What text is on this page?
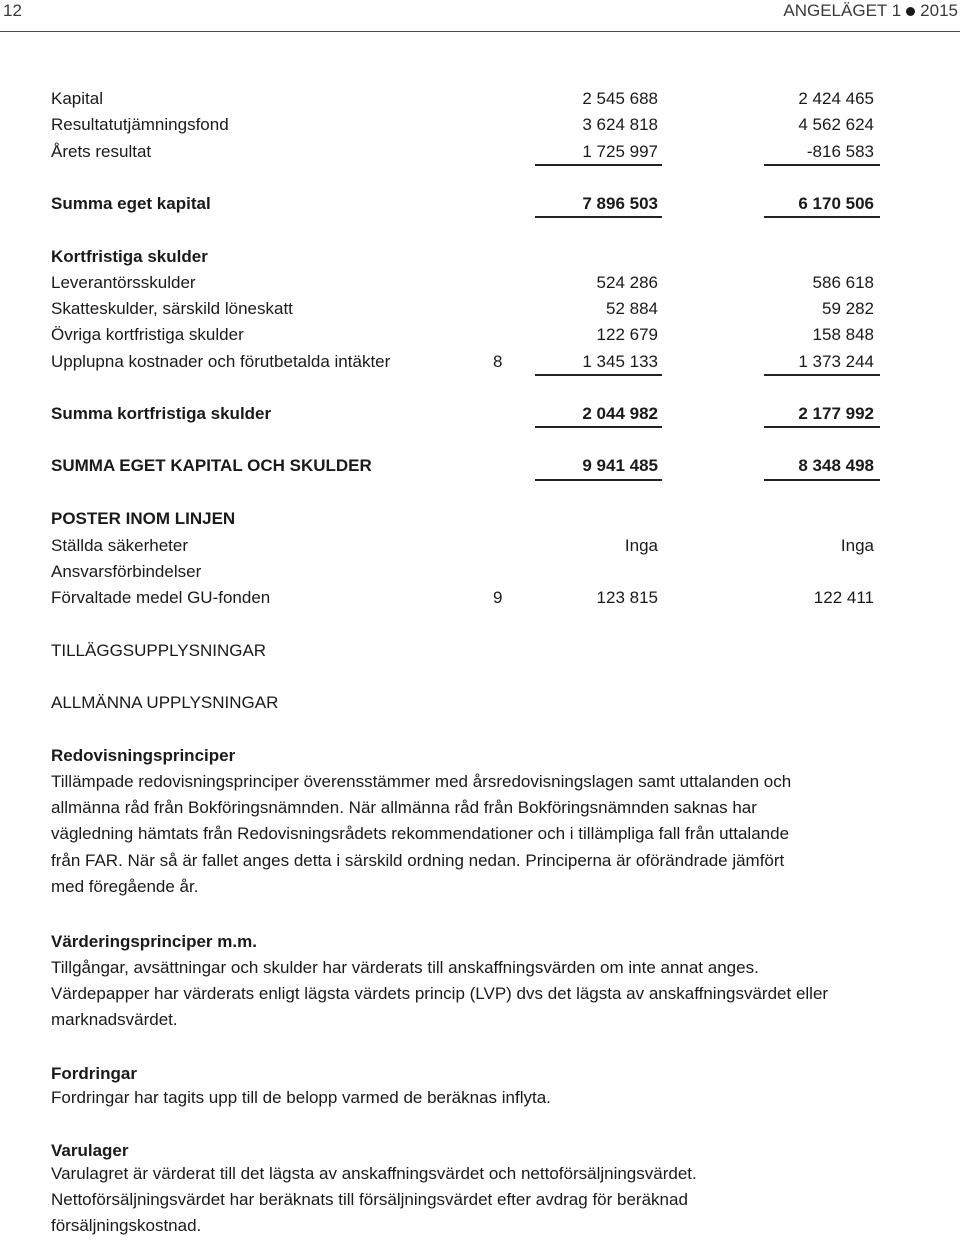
12	ANGELÄGET 1 2015
Kapital	2 545 688	2 424 465
Resultatutjämningsfond	3 624 818	4 562 624
Årets resultat	1 725 997	-816 583
Summa eget kapital	7 896 503	6 170 506
Kortfristiga skulder
Leverantörsskulder	524 286	586 618
Skatteskulder, särskild löneskatt	52 884	59 282
Övriga kortfristiga skulder	122 679	158 848
Upplupna kostnader och förutbetalda intäkter	8	1 345 133	1 373 244
Summa kortfristiga skulder	2 044 982	2 177 992
SUMMA EGET KAPITAL OCH SKULDER	9 941 485	8 348 498
POSTER INOM LINJEN
Ställda säkerheter	Inga	Inga
Ansvarsförbindelser
Förvaltade medel GU-fonden	9	123 815	122 411
TILLÄGGSUPPLYSNINGAR
ALLMÄNNA UPPLYSNINGAR
Redovisningsprinciper
Tillämpade redovisningsprinciper överensstämmer med årsredovisningslagen samt uttalanden och
allmänna råd från Bokföringsnämnden. När allmänna råd från Bokföringsnämnden saknas har
vägledning hämtats från Redovisningsrådets rekommendationer och i tillämpliga fall från uttalande
från FAR. När så är fallet anges detta i särskild ordning nedan. Principerna är oförändrade jämfört
med föregående år.
Värderingsprinciper m.m.
Tillgångar, avsättningar och skulder har värderats till anskaffningsvärden om inte annat anges.
Värdepapper har värderats enligt lägsta värdets princip (LVP) dvs det lägsta av anskaffningsvärdet eller
marknadsvärdet.
Fordringar
Fordringar har tagits upp till de belopp varmed de beräknas inflyta.
Varulager
Varulagret är värderat till det lägsta av anskaffningsvärdet och nettoförsäljningsvärdet.
Nettoförsäljningsvärdet har beräknats till försäljningsvärdet efter avdrag för beräknad
försäljningskostnad.
